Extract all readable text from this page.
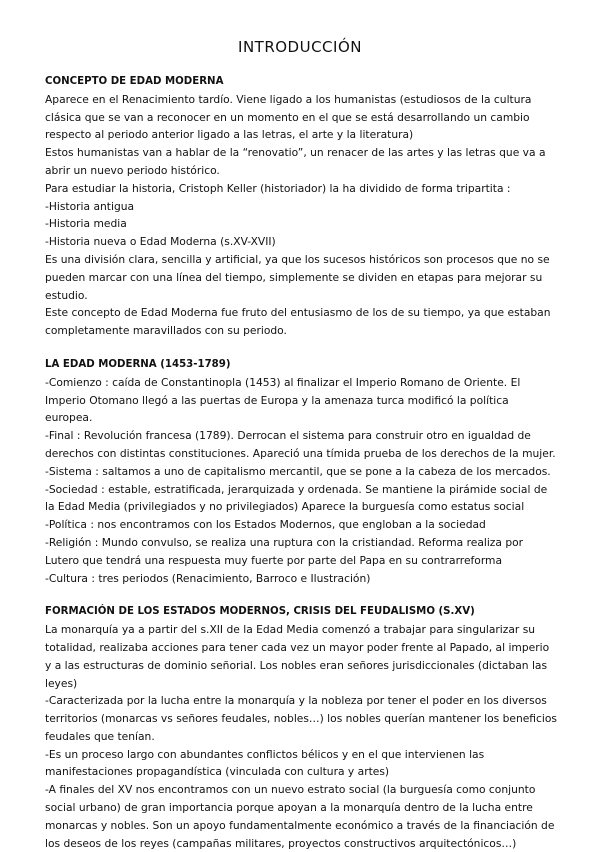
INTRODUCCIÓN
CONCEPTO DE EDAD MODERNA
Aparece en el Renacimiento tardío. Viene ligado a los humanistas (estudiosos de la cultura
clásica que se van a reconocer en un momento en el que se está desarrollando un cambio
respecto al periodo anterior ligado a las letras, el arte y la literatura)
Estos humanistas van a hablar de la “renovatio”, un renacer de las artes y las letras que va a
abrir un nuevo periodo histórico.
Para estudiar la historia, Cristoph Keller (historiador) la ha dividido de forma tripartita :
-Historia antigua
-Historia media
-Historia nueva o Edad Moderna (s.XV-XVII)
Es una división clara, sencilla y artificial, ya que los sucesos históricos son procesos que no se
pueden marcar con una línea del tiempo, simplemente se dividen en etapas para mejorar su
estudio.
Este concepto de Edad Moderna fue fruto del entusiasmo de los de su tiempo, ya que estaban
completamente maravillados con su periodo.
LA EDAD MODERNA (1453-1789)
-Comienzo : caída de Constantinopla (1453) al finalizar el Imperio Romano de Oriente. El
Imperio Otomano llegó a las puertas de Europa y la amenaza turca modificó la política
europea.
-Final : Revolución francesa (1789). Derrocan el sistema para construir otro en igualdad de
derechos con distintas constituciones. Apareció una tímida prueba de los derechos de la mujer.
-Sistema : saltamos a uno de capitalismo mercantil, que se pone a la cabeza de los mercados.
-Sociedad : estable, estratificada, jerarquizada y ordenada. Se mantiene la pirámide social de
la Edad Media (privilegiados y no privilegiados) Aparece la burguesía como estatus social
-Política : nos encontramos con los Estados Modernos, que engloban a la sociedad
-Religión : Mundo convulso, se realiza una ruptura con la cristiandad. Reforma realiza por
Lutero que tendrá una respuesta muy fuerte por parte del Papa en su contrarreforma
-Cultura : tres periodos (Renacimiento, Barroco e Ilustración)
FORMACIÓN DE LOS ESTADOS MODERNOS, CRISIS DEL FEUDALISMO (S.XV)
La monarquía ya a partir del s.XII de la Edad Media comenzó a trabajar para singularizar su
totalidad, realizaba acciones para tener cada vez un mayor poder frente al Papado, al imperio
y a las estructuras de dominio señorial. Los nobles eran señores jurisdiccionales (dictaban las
leyes)
-Caracterizada por la lucha entre la monarquía y la nobleza por tener el poder en los diversos
territorios (monarcas vs señores feudales, nobles…) los nobles querían mantener los beneficios
feudales que tenían.
-Es un proceso largo con abundantes conflictos bélicos y en el que intervienen las
manifestaciones propagandística (vinculada con cultura y artes)
-A finales del XV nos encontramos con un nuevo estrato social (la burguesía como conjunto
social urbano) de gran importancia porque apoyan a la monarquía dentro de la lucha entre
monarcas y nobles. Son un apoyo fundamentalmente económico a través de la financiación de
los deseos de los reyes (campañas militares, proyectos constructivos arquitectónicos…)
